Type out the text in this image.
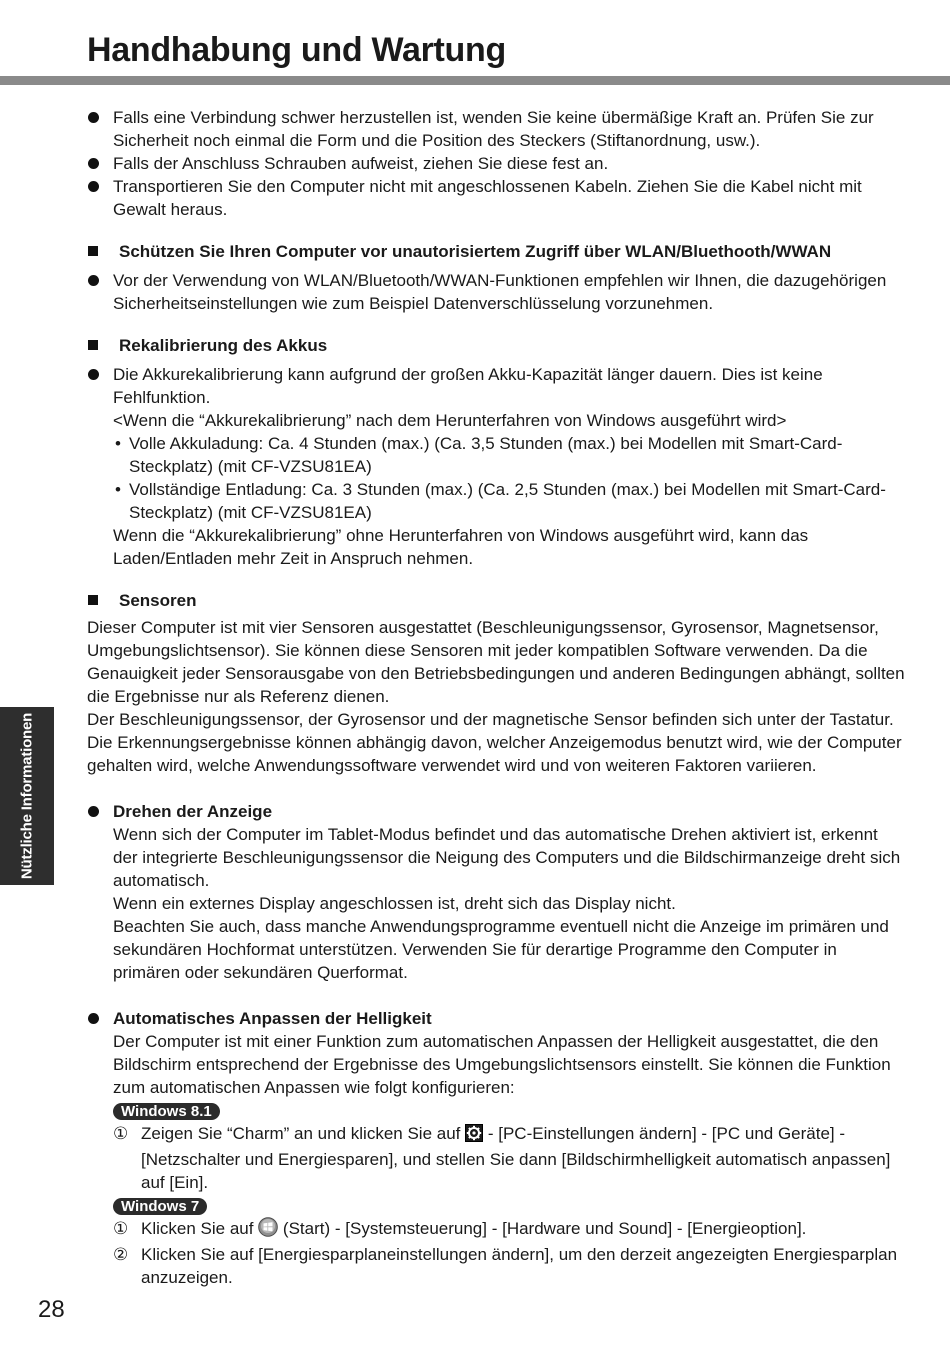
Handhabung und Wartung
Falls eine Verbindung schwer herzustellen ist, wenden Sie keine übermäßige Kraft an. Prüfen Sie zur Sicherheit noch einmal die Form und die Position des Steckers (Stiftanordnung, usw.).
Falls der Anschluss Schrauben aufweist, ziehen Sie diese fest an.
Transportieren Sie den Computer nicht mit angeschlossenen Kabeln. Ziehen Sie die Kabel nicht mit Gewalt heraus.
Schützen Sie Ihren Computer vor unautorisiertem Zugriff über WLAN/Bluethooth/WWAN
Vor der Verwendung von WLAN/Bluetooth/WWAN-Funktionen empfehlen wir Ihnen, die dazugehörigen Sicherheitseinstellungen wie zum Beispiel Datenverschlüsselung vorzunehmen.
Rekalibrierung des Akkus
Die Akkurekalibrierung kann aufgrund der großen Akku-Kapazität länger dauern. Dies ist keine Fehlfunktion.
<Wenn die “Akkurekalibrierung” nach dem Herunterfahren von Windows ausgeführt wird>
• Volle Akkuladung: Ca. 4 Stunden (max.) (Ca. 3,5 Stunden (max.) bei Modellen mit Smart-Card-Steckplatz) (mit CF-VZSU81EA)
• Vollständige Entladung: Ca. 3 Stunden (max.) (Ca. 2,5 Stunden (max.) bei Modellen mit Smart-Card-Steckplatz) (mit CF-VZSU81EA)
Wenn die “Akkurekalibrierung” ohne Herunterfahren von Windows ausgeführt wird, kann das Laden/Entladen mehr Zeit in Anspruch nehmen.
Sensoren
Dieser Computer ist mit vier Sensoren ausgestattet (Beschleunigungssensor, Gyrosensor, Magnetsensor, Umgebungslichtsensor). Sie können diese Sensoren mit jeder kompatiblen Software verwenden. Da die Genauigkeit jeder Sensorausgabe von den Betriebsbedingungen und anderen Bedingungen abhängt, sollten die Ergebnisse nur als Referenz dienen.
Der Beschleunigungssensor, der Gyrosensor und der magnetische Sensor befinden sich unter der Tastatur. Die Erkennungsergebnisse können abhängig davon, welcher Anzeigemodus benutzt wird, wie der Computer gehalten wird, welche Anwendungssoftware verwendet wird und von weiteren Faktoren variieren.
Drehen der Anzeige
Wenn sich der Computer im Tablet-Modus befindet und das automatische Drehen aktiviert ist, erkennt der integrierte Beschleunigungssensor die Neigung des Computers und die Bildschirmanzeige dreht sich automatisch.
Wenn ein externes Display angeschlossen ist, dreht sich das Display nicht.
Beachten Sie auch, dass manche Anwendungsprogramme eventuell nicht die Anzeige im primären und sekundären Hochformat unterstützen. Verwenden Sie für derartige Programme den Computer in primären oder sekundären Querformat.
Automatisches Anpassen der Helligkeit
Der Computer ist mit einer Funktion zum automatischen Anpassen der Helligkeit ausgestattet, die den Bildschirm entsprechend der Ergebnisse des Umgebungslichtsensors einstellt. Sie können die Funktion zum automatischen Anpassen wie folgt konfigurieren:
Windows 8.1
① Zeigen Sie “Charm” an und klicken Sie auf - [PC-Einstellungen ändern] - [PC und Geräte] - [Netzschalter und Energiesparen], und stellen Sie dann [Bildschirmhelligkeit automatisch anpassen] auf [Ein].
Windows 7
① Klicken Sie auf (Start) - [Systemsteuerung] - [Hardware und Sound] - [Energieoption].
② Klicken Sie auf [Energiesparplaneinstellungen ändern], um den derzeit angezeigten Energiesparplan anzuzeigen.
Nützliche Informationen
28
